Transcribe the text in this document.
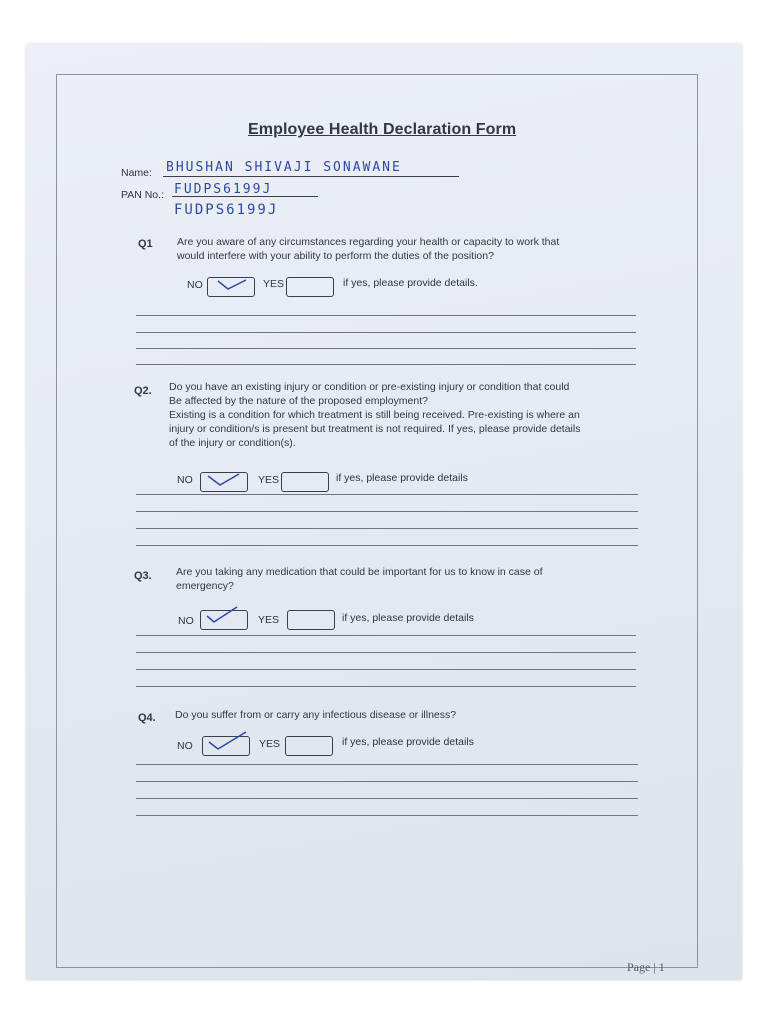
Employee Health Declaration Form
Name: BHUSHAN SHIVAJI SONAWANE
PAN No.: FUDPS6199J
FUDPS6199J
Q1 Are you aware of any circumstances regarding your health or capacity to work that
would interfere with your ability to perform the duties of the position?
NO	YES	if yes, please provide details.
Q2. Do you have an existing injury or condition or pre-existing injury or condition that could
Be affected by the nature of the proposed employment?
Existing is a condition for which treatment is still being received. Pre-existing is where an
injury or condition/s is present but treatment is not required. If yes, please provide details
of the injury or condition(s).
NO	YES	if yes, please provide details
Q3. Are you taking any medication that could be important for us to know in case of
emergency?
NO	YES	if yes, please provide details
Q4. Do you suffer from or carry any infectious disease or illness?
NO	YES	if yes, please provide details
Page | 1
